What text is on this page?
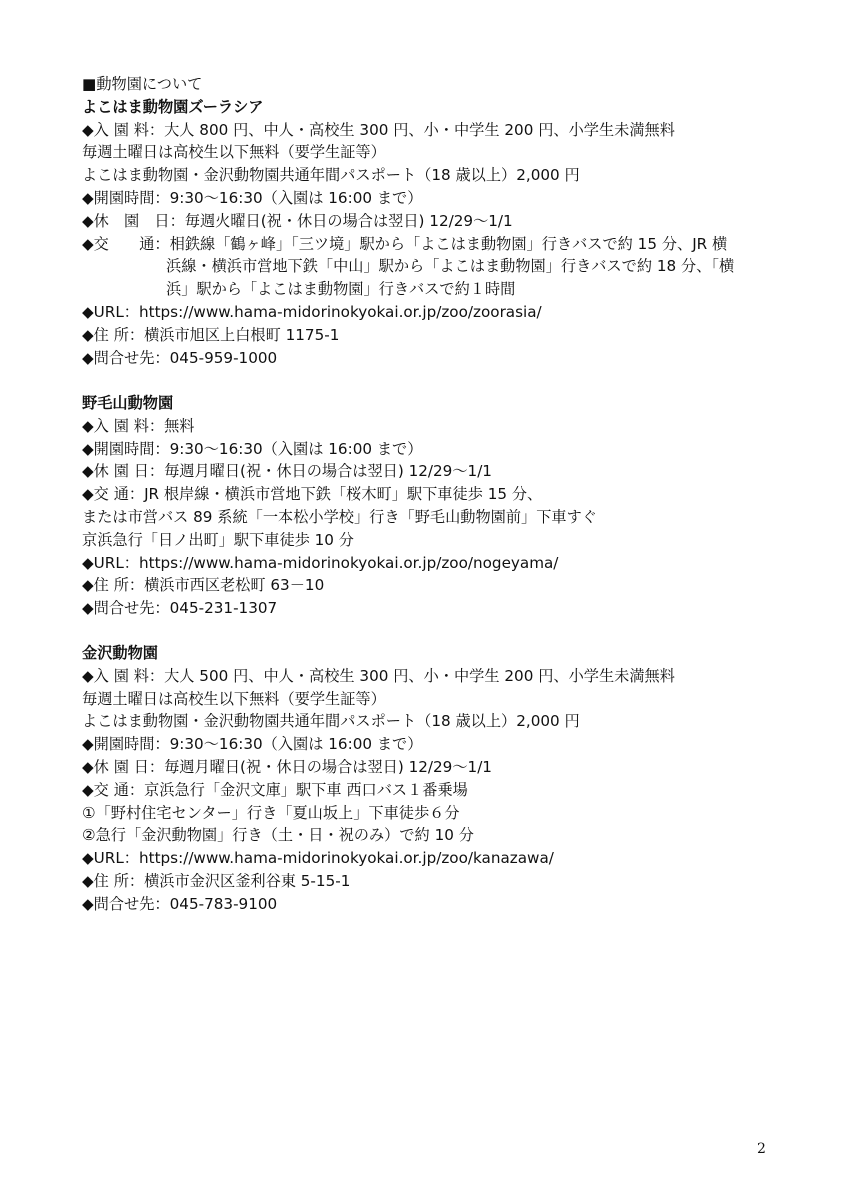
■動物園について
よこはま動物園ズーラシア
◆入 園 料：大人 800 円、中人・高校生 300 円、小・中学生 200 円、小学生未満無料
毎週土曜日は高校生以下無料（要学生証等）
よこはま動物園・金沢動物園共通年間パスポート（18 歳以上）2,000 円
◆開園時間：9:30～16:30（入園は 16:00 まで）
◆休　園　日：毎週火曜日(祝・休日の場合は翌日) 12/29～1/1
◆交　　通：相鉄線「鶴ヶ峰」「三ツ境」駅から「よこはま動物園」行きバスで約 15 分、JR 横
浜線・横浜市営地下鉄「中山」駅から「よこはま動物園」行きバスで約 18 分、「横
浜」駅から「よこはま動物園」行きバスで約１時間
◆URL：https://www.hama-midorinokyokai.or.jp/zoo/zoorasia/
◆住 所：横浜市旭区上白根町 1175-1
◆問合せ先：045-959-1000
野毛山動物園
◆入 園 料：無料
◆開園時間：9:30～16:30（入園は 16:00 まで）
◆休 園 日：毎週月曜日(祝・休日の場合は翌日) 12/29～1/1
◆交 通：JR 根岸線・横浜市営地下鉄「桜木町」駅下車徒歩 15 分、
または市営バス 89 系統「一本松小学校」行き「野毛山動物園前」下車すぐ
京浜急行「日ノ出町」駅下車徒歩 10 分
◆URL：https://www.hama-midorinokyokai.or.jp/zoo/nogeyama/
◆住 所：横浜市西区老松町 63－10
◆問合せ先：045-231-1307
金沢動物園
◆入 園 料：大人 500 円、中人・高校生 300 円、小・中学生 200 円、小学生未満無料
毎週土曜日は高校生以下無料（要学生証等）
よこはま動物園・金沢動物園共通年間パスポート（18 歳以上）2,000 円
◆開園時間：9:30～16:30（入園は 16:00 まで）
◆休 園 日：毎週月曜日(祝・休日の場合は翌日) 12/29～1/1
◆交 通：京浜急行「金沢文庫」駅下車 西口バス１番乗場
①「野村住宅センター」行き「夏山坂上」下車徒歩６分
②急行「金沢動物園」行き（土・日・祝のみ）で約 10 分
◆URL：https://www.hama-midorinokyokai.or.jp/zoo/kanazawa/
◆住 所：横浜市金沢区釜利谷東 5-15-1
◆問合せ先：045-783-9100
2
